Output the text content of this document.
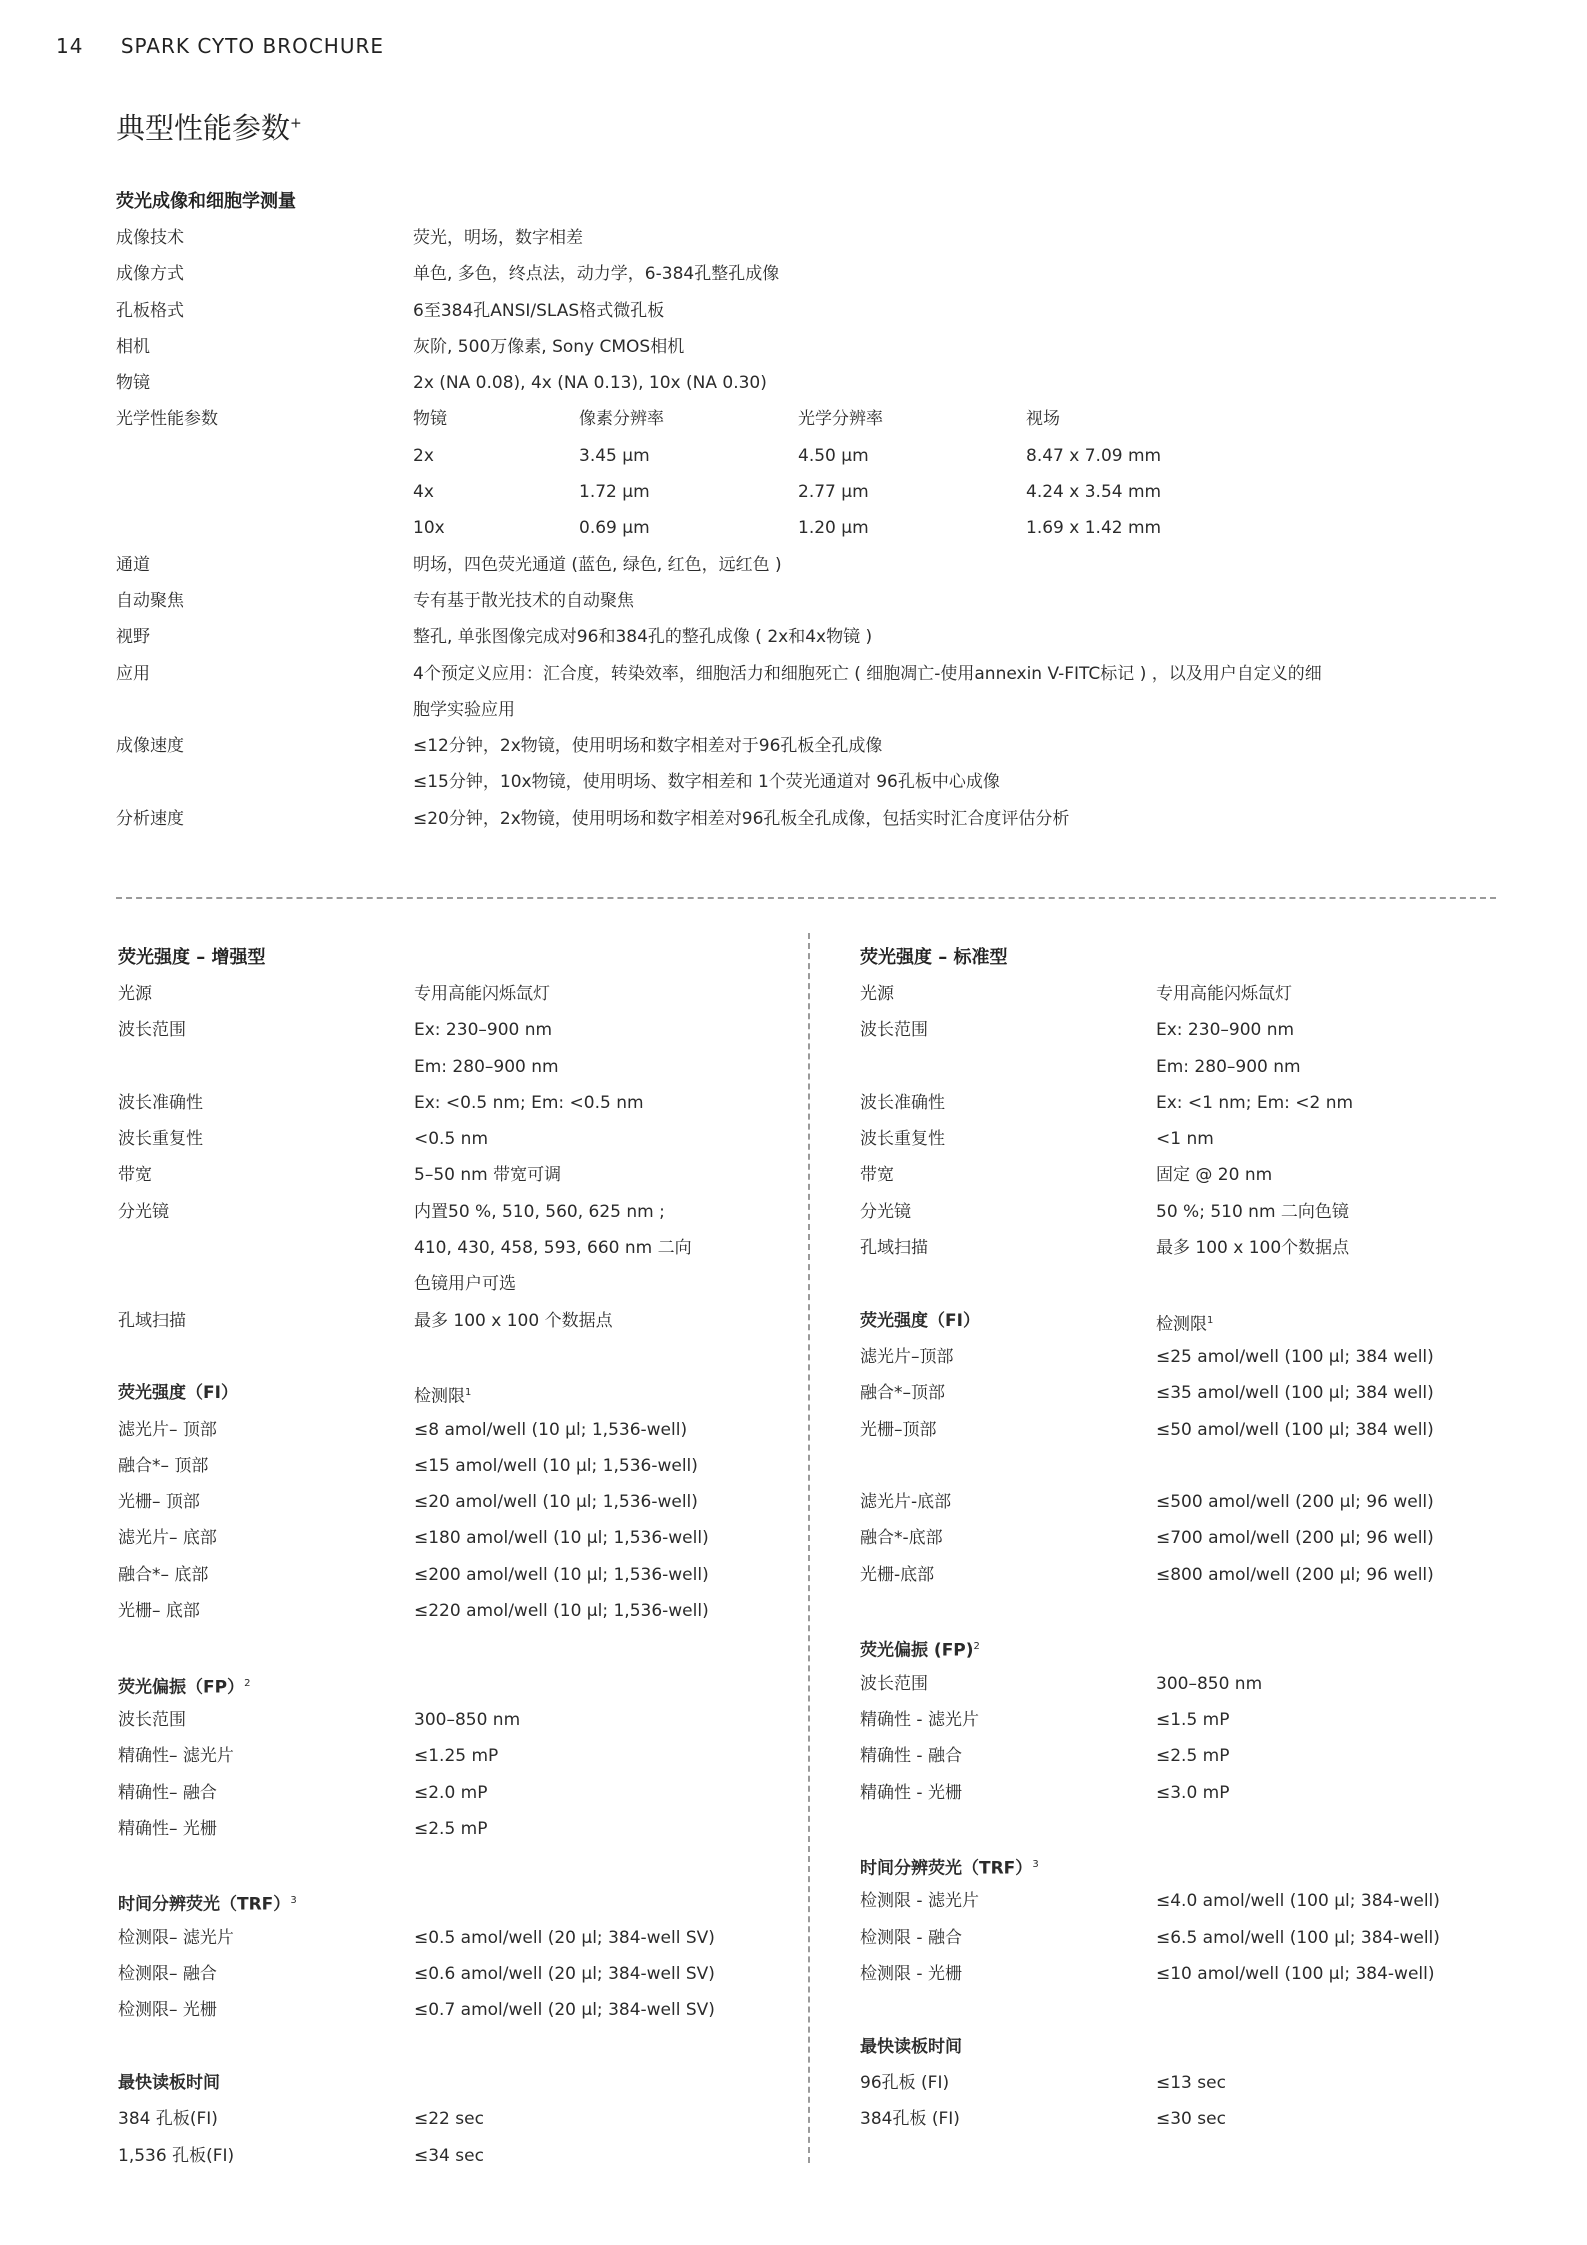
14 SPARK CYTO BROCHURE
典型性能参数+
荧光成像和细胞学测量
成像技术	荧光，明场，数字相差
成像方式	单色, 多色，终点法，动力学，6-384孔整孔成像
孔板格式	6至384孔ANSI/SLAS格式微孔板
相机	灰阶, 500万像素, Sony CMOS相机
物镜	2x (NA 0.08), 4x (NA 0.13), 10x (NA 0.30)
光学性能参数	物镜	像素分辨率	光学分辨率	视场
2x	3.45 µm	4.50 µm	8.47 x 7.09 mm
4x	1.72 µm	2.77 µm	4.24 x 3.54 mm
10x	0.69 µm	1.20 µm	1.69 x 1.42 mm
通道	明场，四色荧光通道 (蓝色, 绿色, 红色，远红色 )
自动聚焦	专有基于散光技术的自动聚焦
视野	整孔, 单张图像完成对96和384孔的整孔成像 ( 2x和4x物镜 )
应用	4个预定义应用：汇合度，转染效率，细胞活力和细胞死亡 ( 细胞凋亡-使用annexin V-FITC标记 ) ，以及用户自定义的细
胞学实验应用
成像速度	≤12分钟，2x物镜，使用明场和数字相差对于96孔板全孔成像
≤15分钟，10x物镜，使用明场、数字相差和 1个荧光通道对 96孔板中心成像
分析速度	≤20分钟，2x物镜，使用明场和数字相差对96孔板全孔成像，包括实时汇合度评估分析
荧光强度 – 增强型
光源	专用高能闪烁氙灯
波长范围	Ex: 230–900 nm
Em: 280–900 nm
波长准确性	Ex: <0.5 nm; Em: <0.5 nm
波长重复性	<0.5 nm
带宽	5–50 nm 带宽可调
分光镜	内置50 %, 510, 560, 625 nm ;
410, 430, 458, 593, 660 nm 二向
色镜用户可选
孔域扫描	最多 100 x 100 个数据点
荧光强度（FI）	检测限$^1$
滤光片– 顶部	≤8 amol/well (10 µl; 1,536-well)
融合*– 顶部	≤15 amol/well (10 µl; 1,536-well)
光栅– 顶部	≤20 amol/well (10 µl; 1,536-well)
滤光片– 底部	≤180 amol/well (10 µl; 1,536-well)
融合*– 底部	≤200 amol/well (10 µl; 1,536-well)
光栅– 底部	≤220 amol/well (10 µl; 1,536-well)
荧光偏振（FP）$^2$
波长范围	300–850 nm
精确性– 滤光片	≤1.25 mP
精确性– 融合	≤2.0 mP
精确性– 光栅	≤2.5 mP
时间分辨荧光（TRF）$^3$
检测限– 滤光片	≤0.5 amol/well (20 µl; 384-well SV)
检测限– 融合	≤0.6 amol/well (20 µl; 384-well SV)
检测限– 光栅	≤0.7 amol/well (20 µl; 384-well SV)
最快读板时间
384 孔板(FI)	≤22 sec
1,536 孔板(FI)	≤34 sec
荧光强度 – 标准型
光源	专用高能闪烁氙灯
波长范围	Ex: 230–900 nm
Em: 280–900 nm
波长准确性	Ex: <1 nm; Em: <2 nm
波长重复性	<1 nm
带宽	固定 @ 20 nm
分光镜	50 %; 510 nm 二向色镜
孔域扫描	最多 100 x 100个数据点
荧光强度（FI）	检测限$^1$
滤光片–顶部	≤25 amol/well (100 µl; 384 well)
融合*–顶部	≤35 amol/well (100 µl; 384 well)
光栅–顶部	≤50 amol/well (100 µl; 384 well)
滤光片-底部	≤500 amol/well (200 µl; 96 well)
融合*-底部	≤700 amol/well (200 µl; 96 well)
光栅-底部	≤800 amol/well (200 µl; 96 well)
荧光偏振 (FP)$^2$
波长范围	300–850 nm
精确性 - 滤光片	≤1.5 mP
精确性 - 融合	≤2.5 mP
精确性 - 光栅	≤3.0 mP
时间分辨荧光（TRF）$^3$
检测限 - 滤光片	≤4.0 amol/well (100 µl; 384-well)
检测限 - 融合	≤6.5 amol/well (100 µl; 384-well)
检测限 - 光栅	≤10 amol/well (100 µl; 384-well)
最快读板时间
96孔板 (FI)	≤13 sec
384孔板 (FI)	≤30 sec
